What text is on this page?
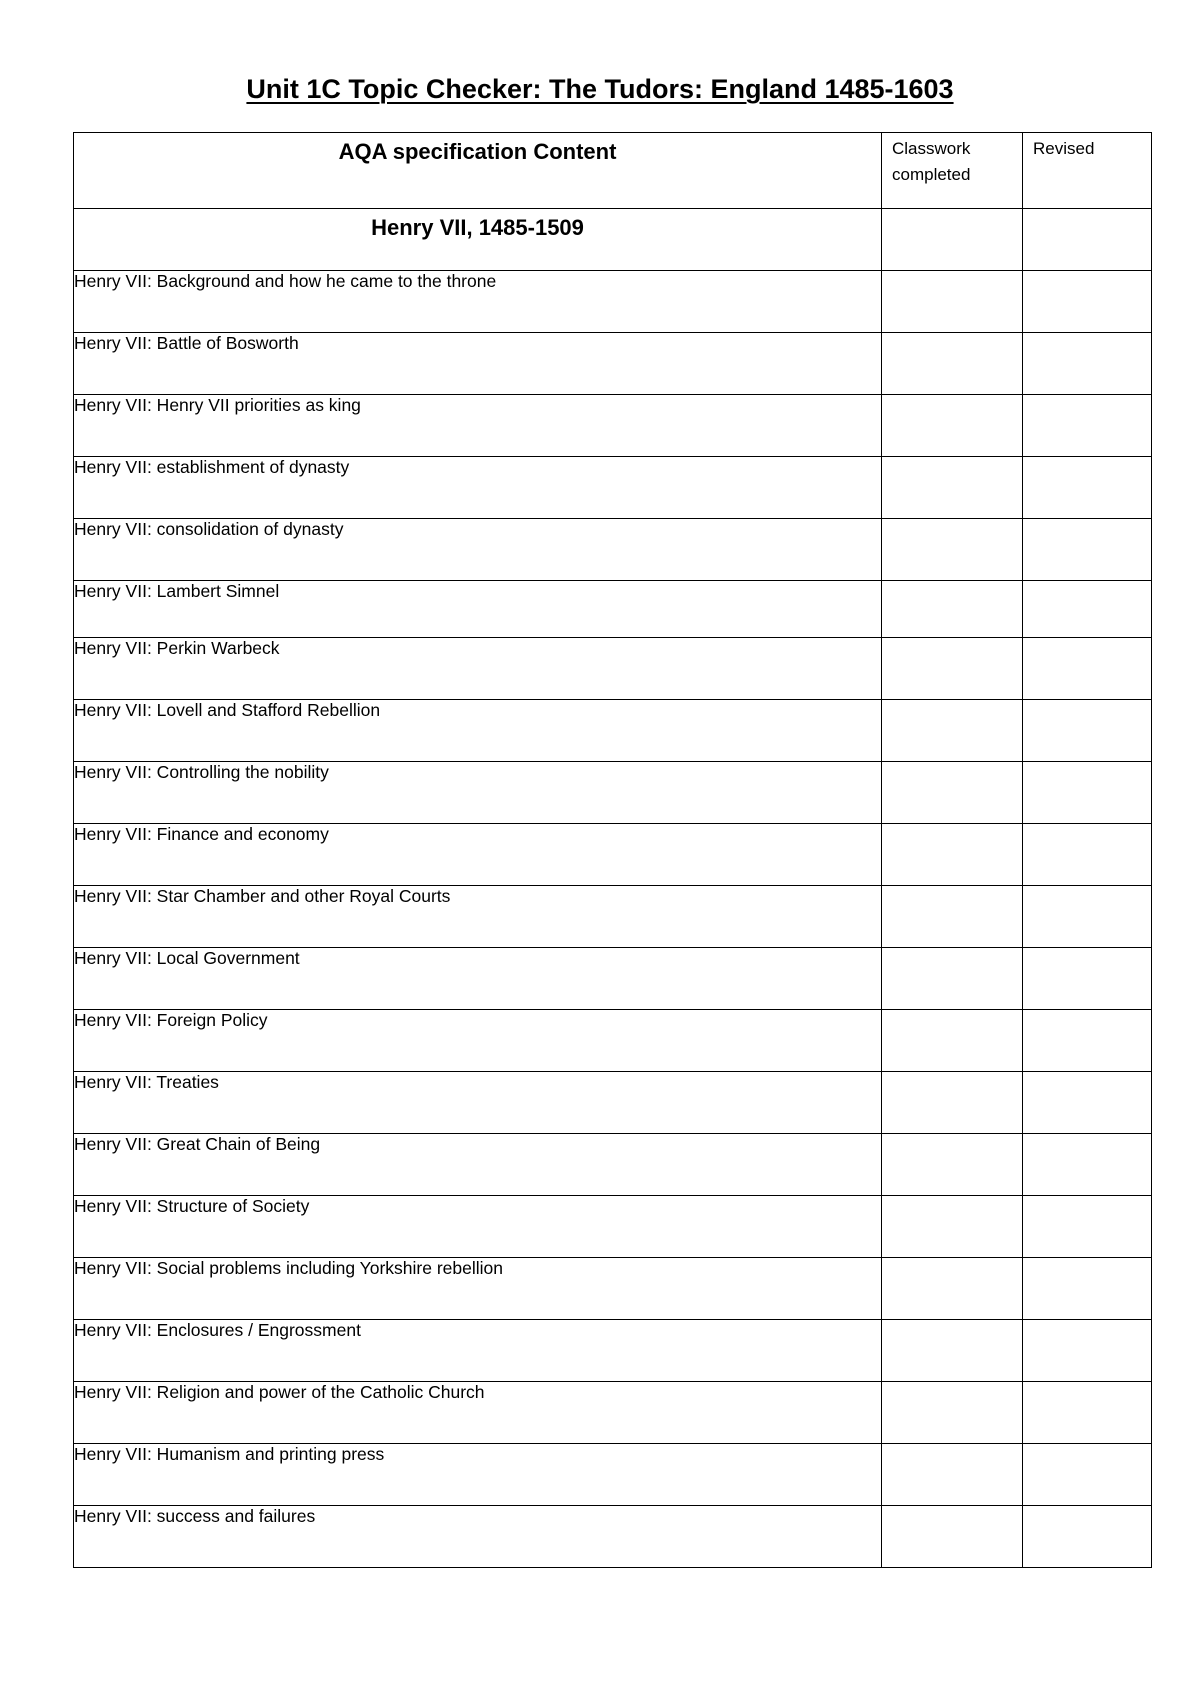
Unit 1C Topic Checker: The Tudors: England 1485-1603
AQA specification Content	Classwork completed	Revised

Henry VII, 1485-1509		

Henry VII: Background and how he came to the throne		
Henry VII: Battle of Bosworth		
Henry VII: Henry VII priorities as king		
Henry VII: establishment of dynasty		
Henry VII: consolidation of dynasty		
Henry VII: Lambert Simnel		
Henry VII: Perkin Warbeck		
Henry VII: Lovell and Stafford Rebellion		
Henry VII: Controlling the nobility		
Henry VII: Finance and economy		
Henry VII: Star Chamber and other Royal Courts		
Henry VII: Local Government		
Henry VII: Foreign Policy		
Henry VII: Treaties		
Henry VII: Great Chain of Being		
Henry VII: Structure of Society		
Henry VII: Social problems including Yorkshire rebellion		
Henry VII: Enclosures / Engrossment		
Henry VII: Religion and power of the Catholic Church		
Henry VII: Humanism and printing press		
Henry VII: success and failures		
